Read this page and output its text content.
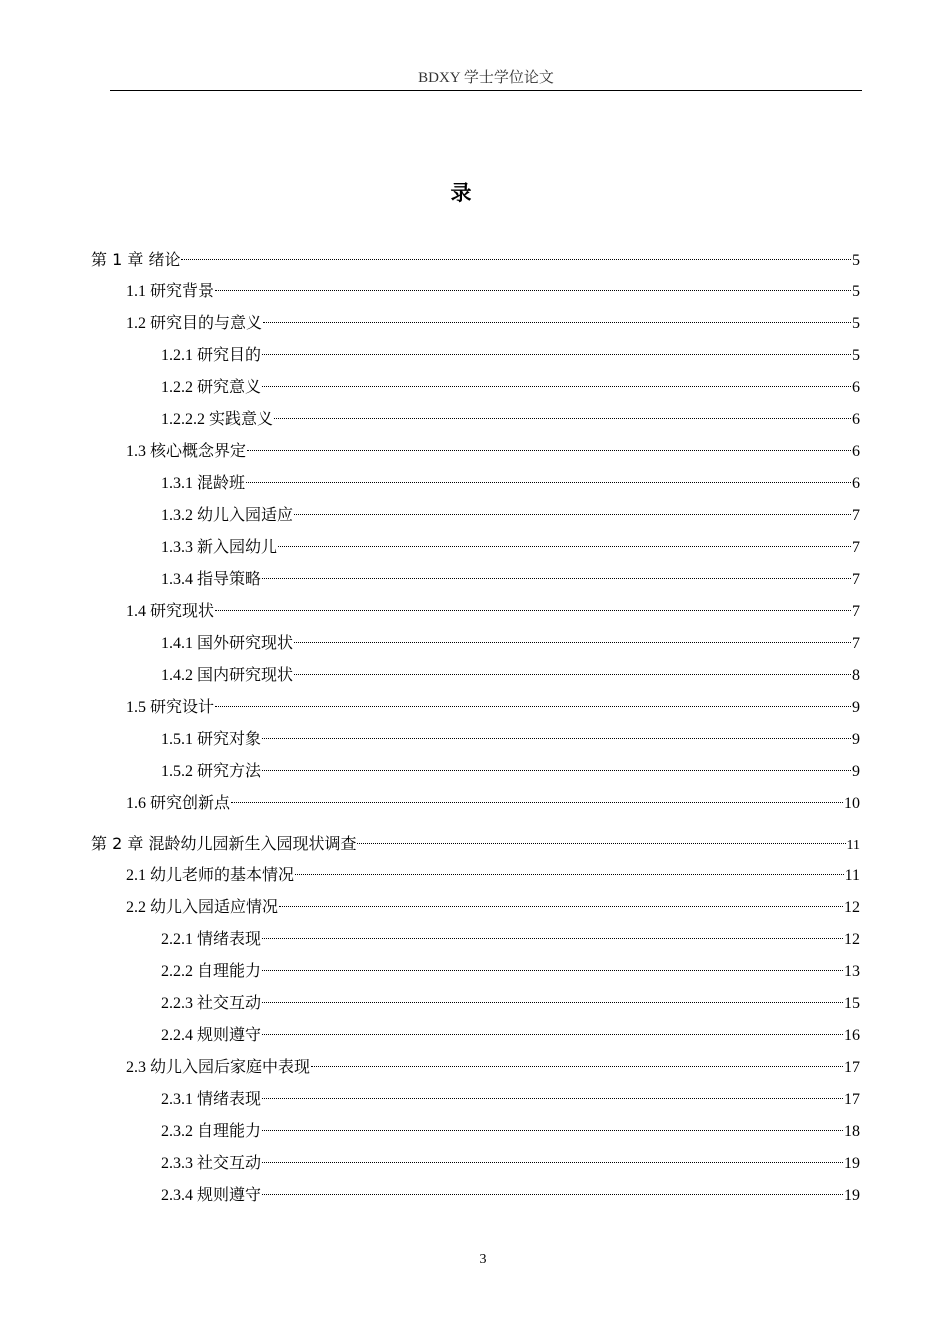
BDXY 学士学位论文
录
第 1 章 绪论	5
1.1 研究背景	5
1.2 研究目的与意义	5
1.2.1 研究目的	5
1.2.2 研究意义	6
1.2.2.2 实践意义	6
1.3 核心概念界定	6
1.3.1 混龄班	6
1.3.2 幼儿入园适应	7
1.3.3 新入园幼儿	7
1.3.4 指导策略	7
1.4 研究现状	7
1.4.1 国外研究现状	7
1.4.2 国内研究现状	8
1.5 研究设计	9
1.5.1 研究对象	9
1.5.2 研究方法	9
1.6 研究创新点	10
第 2 章 混龄幼儿园新生入园现状调查	11
2.1 幼儿老师的基本情况	11
2.2 幼儿入园适应情况	12
2.2.1 情绪表现	12
2.2.2 自理能力	13
2.2.3 社交互动	15
2.2.4 规则遵守	16
2.3 幼儿入园后家庭中表现	17
2.3.1 情绪表现	17
2.3.2 自理能力	18
2.3.3 社交互动	19
2.3.4 规则遵守	19
3
